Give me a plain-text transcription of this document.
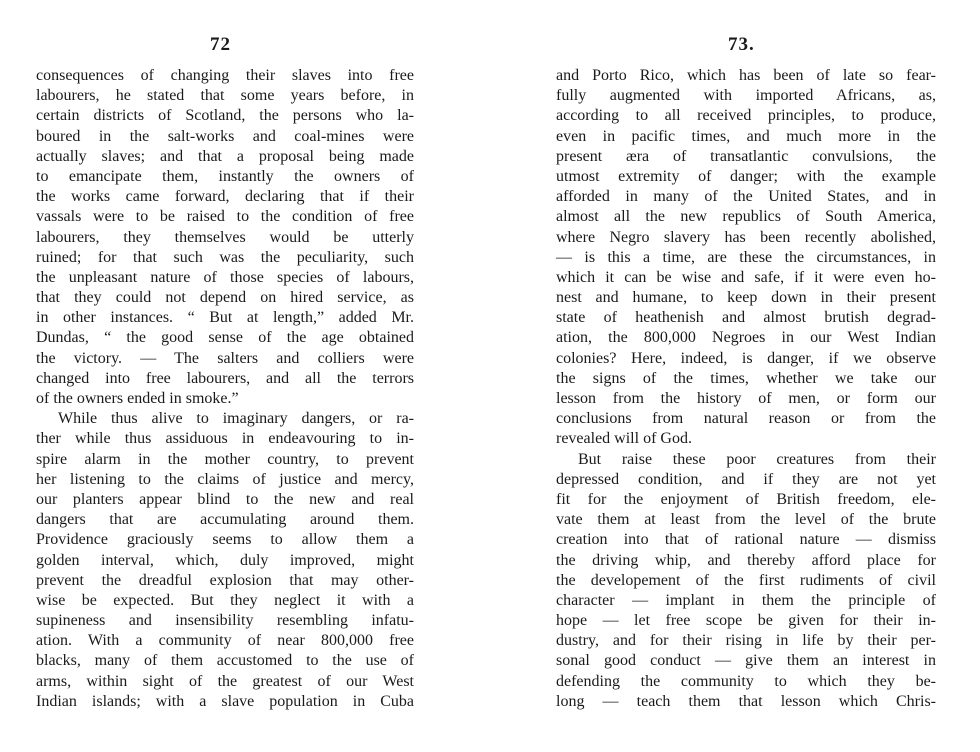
72
consequences of changing their slaves into free
labourers, he stated that some years before, in
certain districts of Scotland, the persons who la-
boured in the salt-works and coal-mines were
actually slaves; and that a proposal being made
to emancipate them, instantly the owners of
the works came forward, declaring that if their
vassals were to be raised to the condition of free
labourers, they themselves would be utterly
ruined; for that such was the peculiarity, such
the unpleasant nature of those species of labours,
that they could not depend on hired service, as
in other instances. “ But at length,” added Mr.
Dundas, “ the good sense of the age obtained
the victory. — The salters and colliers were
changed into free labourers, and all the terrors
of the owners ended in smoke.”
While thus alive to imaginary dangers, or ra-
ther while thus assiduous in endeavouring to in-
spire alarm in the mother country, to prevent
her listening to the claims of justice and mercy,
our planters appear blind to the new and real
dangers that are accumulating around them.
Providence graciously seems to allow them a
golden interval, which, duly improved, might
prevent the dreadful explosion that may other-
wise be expected. But they neglect it with a
supineness and insensibility resembling infatu-
ation. With a community of near 800,000 free
blacks, many of them accustomed to the use of
arms, within sight of the greatest of our West
Indian islands; with a slave population in Cuba
73.
and Porto Rico, which has been of late so fear-
fully augmented with imported Africans, as,
according to all received principles, to produce,
even in pacific times, and much more in the
present æra of transatlantic convulsions, the
utmost extremity of danger; with the example
afforded in many of the United States, and in
almost all the new republics of South America,
where Negro slavery has been recently abolished,
— is this a time, are these the circumstances, in
which it can be wise and safe, if it were even ho-
nest and humane, to keep down in their present
state of heathenish and almost brutish degrad-
ation, the 800,000 Negroes in our West Indian
colonies? Here, indeed, is danger, if we observe
the signs of the times, whether we take our
lesson from the history of men, or form our
conclusions from natural reason or from the
revealed will of God.
But raise these poor creatures from their
depressed condition, and if they are not yet
fit for the enjoyment of British freedom, ele-
vate them at least from the level of the brute
creation into that of rational nature — dismiss
the driving whip, and thereby afford place for
the developement of the first rudiments of civil
character — implant in them the principle of
hope — let free scope be given for their in-
dustry, and for their rising in life by their per-
sonal good conduct — give them an interest in
defending the community to which they be-
long — teach them that lesson which Chris-
